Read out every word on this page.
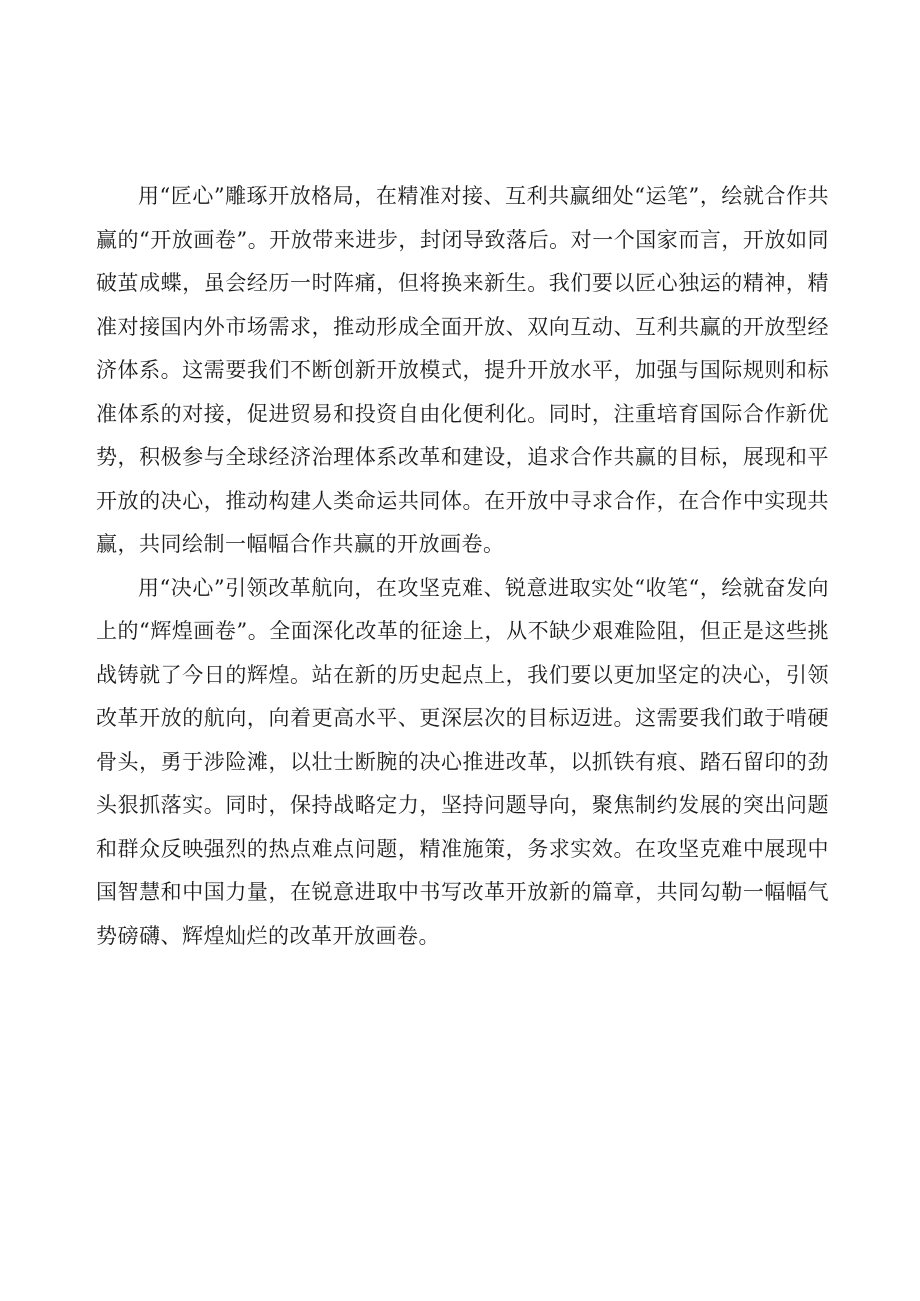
用“匠心”雕琢开放格局，在精准对接、互利共赢细处“运笔”，绘就合作共赢的“开放画卷”。开放带来进步，封闭导致落后。对一个国家而言，开放如同破茧成蝶，虽会经历一时阵痛，但将换来新生。我们要以匠心独运的精神，精准对接国内外市场需求，推动形成全面开放、双向互动、互利共赢的开放型经济体系。这需要我们不断创新开放模式，提升开放水平，加强与国际规则和标准体系的对接，促进贸易和投资自由化便利化。同时，注重培育国际合作新优势，积极参与全球经济治理体系改革和建设，追求合作共赢的目标，展现和平开放的决心，推动构建人类命运共同体。在开放中寻求合作，在合作中实现共赢，共同绘制一幅幅合作共赢的开放画卷。

用“决心”引领改革航向，在攻坚克难、锐意进取实处“收笔“，绘就奋发向上的“辉煌画卷”。全面深化改革的征途上，从不缺少艰难险阻，但正是这些挑战铸就了今日的辉煌。站在新的历史起点上，我们要以更加坚定的决心，引领改革开放的航向，向着更高水平、更深层次的目标迈进。这需要我们敢于啃硬骨头，勇于涉险滩，以壮士断腕的决心推进改革，以抓铁有痕、踏石留印的劲头狠抓落实。同时，保持战略定力，坚持问题导向，聚焦制约发展的突出问题和群众反映强烈的热点难点问题，精准施策，务求实效。在攻坚克难中展现中国智慧和中国力量，在锐意进取中书写改革开放新的篇章，共同勾勒一幅幅气势磅礴、辉煌灿烂的改革开放画卷。
